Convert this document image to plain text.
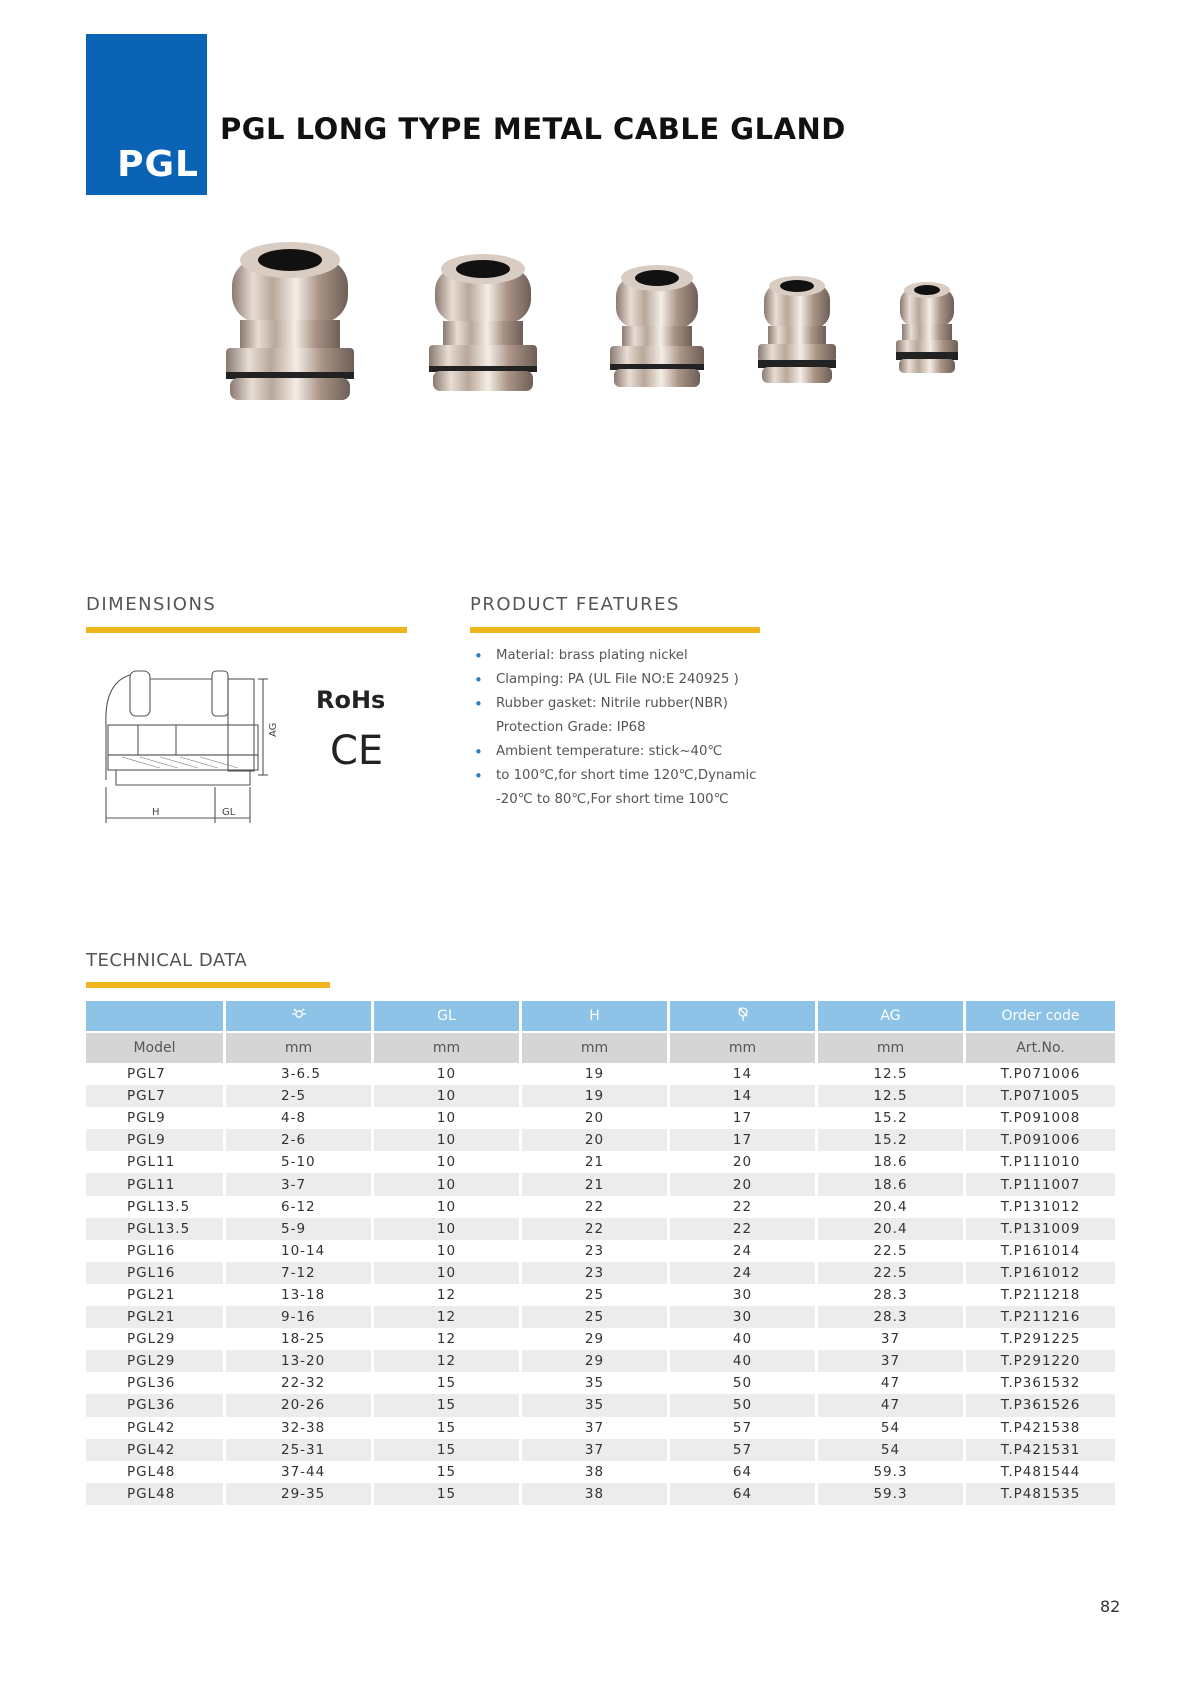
PGL
PGL LONG TYPE METAL CABLE GLAND
DIMENSIONS
H	GL
AG
RoHs
CE
PRODUCT FEATURES
• Material: brass plating nickel
• Clamping: PA (UL File NO:E 240925 )
• Rubber gasket: Nitrile rubber(NBR)
Protection Grade: IP68
• Ambient temperature: stick~40℃
• to 100℃,for short time 120℃,Dynamic
-20℃ to 80℃,For short time 100℃
TECHNICAL DATA
		GL	H		AG	Order code
Model	mm	mm	mm	mm	mm	Art.No.
PGL7	3-6.5	10	19	14	12.5	T.P071006
PGL7	2-5	10	19	14	12.5	T.P071005
PGL9	4-8	10	20	17	15.2	T.P091008
PGL9	2-6	10	20	17	15.2	T.P091006
PGL11	5-10	10	21	20	18.6	T.P111010
PGL11	3-7	10	21	20	18.6	T.P111007
PGL13.5	6-12	10	22	22	20.4	T.P131012
PGL13.5	5-9	10	22	22	20.4	T.P131009
PGL16	10-14	10	23	24	22.5	T.P161014
PGL16	7-12	10	23	24	22.5	T.P161012
PGL21	13-18	12	25	30	28.3	T.P211218
PGL21	9-16	12	25	30	28.3	T.P211216
PGL29	18-25	12	29	40	37	T.P291225
PGL29	13-20	12	29	40	37	T.P291220
PGL36	22-32	15	35	50	47	T.P361532
PGL36	20-26	15	35	50	47	T.P361526
PGL42	32-38	15	37	57	54	T.P421538
PGL42	25-31	15	37	57	54	T.P421531
PGL48	37-44	15	38	64	59.3	T.P481544
PGL48	29-35	15	38	64	59.3	T.P481535
82
